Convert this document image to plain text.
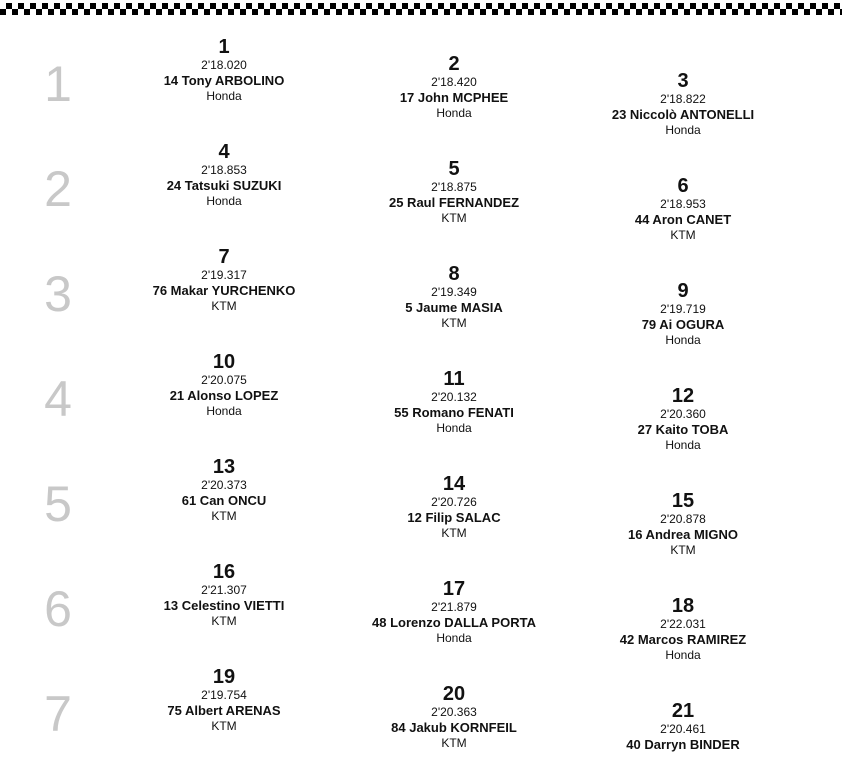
1
2
3
4
5
6
7
1
2'18.020
14 Tony ARBOLINO
Honda
2
2'18.420
17 John MCPHEE
Honda
3
2'18.822
23 Niccolò ANTONELLI
Honda
4
2'18.853
24 Tatsuki SUZUKI
Honda
5
2'18.875
25 Raul FERNANDEZ
KTM
6
2'18.953
44 Aron CANET
KTM
7
2'19.317
76 Makar YURCHENKO
KTM
8
2'19.349
5 Jaume MASIA
KTM
9
2'19.719
79 Ai OGURA
Honda
10
2'20.075
21 Alonso LOPEZ
Honda
11
2'20.132
55 Romano FENATI
Honda
12
2'20.360
27 Kaito TOBA
Honda
13
2'20.373
61 Can ONCU
KTM
14
2'20.726
12 Filip SALAC
KTM
15
2'20.878
16 Andrea MIGNO
KTM
16
2'21.307
13 Celestino VIETTI
KTM
17
2'21.879
48 Lorenzo DALLA PORTA
Honda
18
2'22.031
42 Marcos RAMIREZ
Honda
19
2'19.754
75 Albert ARENAS
KTM
20
2'20.363
84 Jakub KORNFEIL
KTM
21
2'20.461
40 Darryn BINDER
